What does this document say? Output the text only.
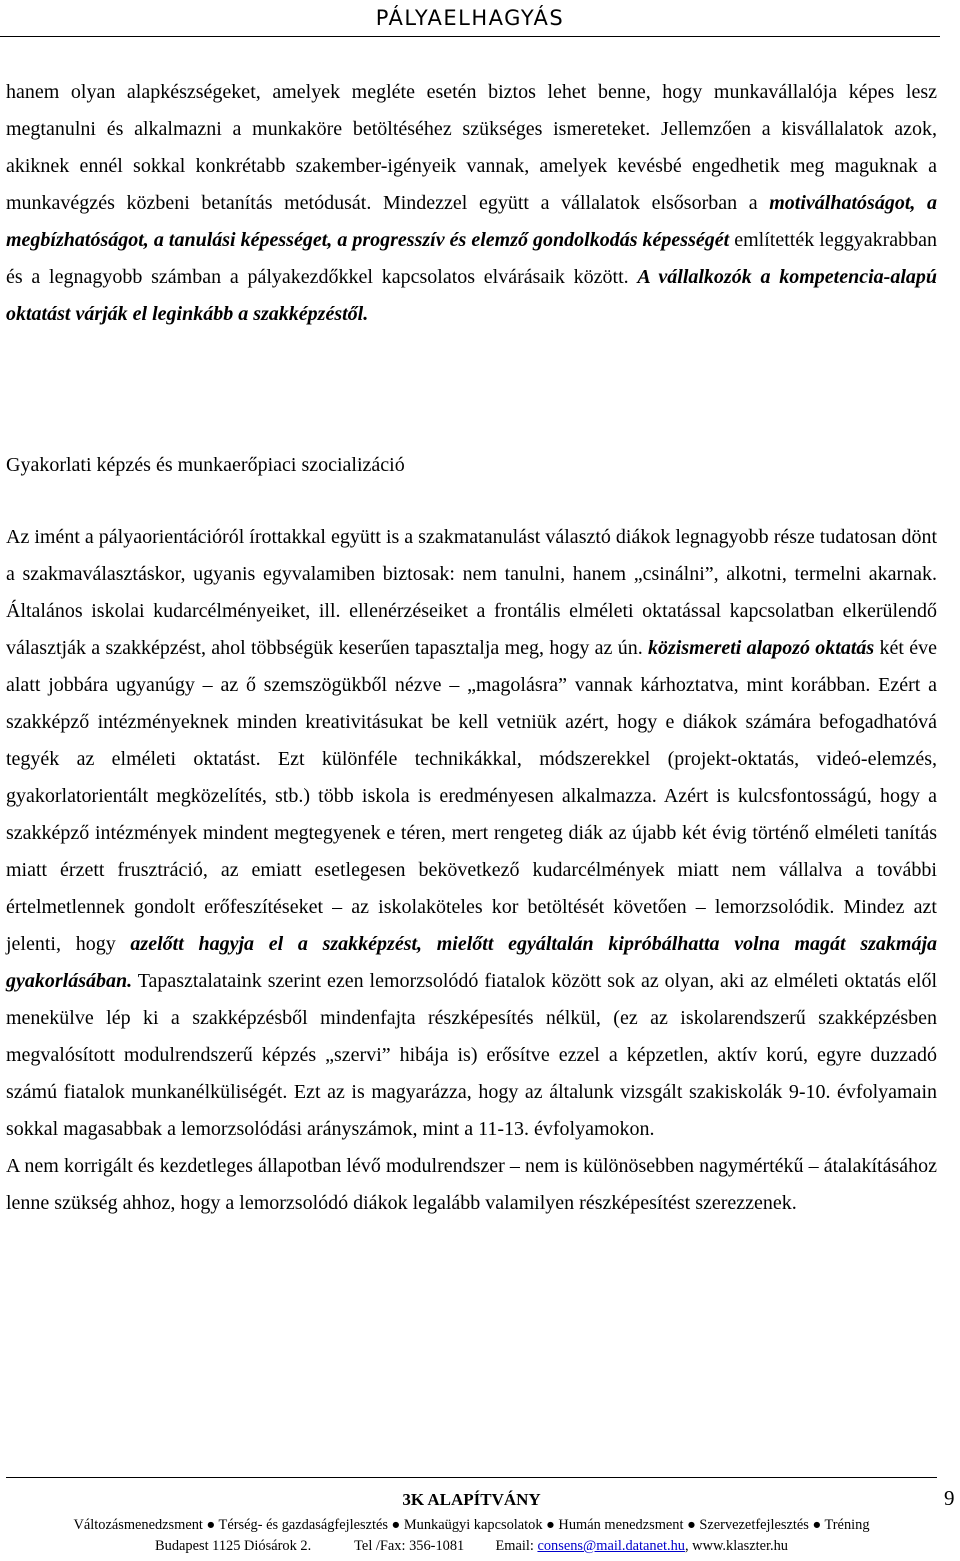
PÁLYAELHAGYÁS

hanem olyan alapkészségeket, amelyek megléte esetén biztos lehet benne, hogy munkavállalója képes lesz megtanulni és alkalmazni a munkaköre betöltéséhez szükséges ismereteket. Jellemzően a kisvállalatok azok, akiknek ennél sokkal konkrétabb szakember-igényeik vannak, amelyek kevésbé engedhetik meg maguknak a munkavégzés közbeni betanítás metódusát. Mindezzel együtt a vállalatok elsősorban a motiválhatóságot, a megbízhatóságot, a tanulási képességet, a progresszív és elemző gondolkodás képességét említették leggyakrabban és a legnagyobb számban a pályakezdőkkel kapcsolatos elvárásaik között. A vállalkozók a kompetencia-alapú oktatást várják el leginkább a szakképzéstől.

Gyakorlati képzés és munkaerőpiaci szocializáció

Az imént a pályaorientációról írottakkal együtt is a szakmatanulást választó diákok legnagyobb része tudatosan dönt a szakmaválasztáskor, ugyanis egyvalamiben biztosak: nem tanulni, hanem „csinálni”, alkotni, termelni akarnak. Általános iskolai kudarcélményeiket, ill. ellenérzéseiket a frontális elméleti oktatással kapcsolatban elkerülendő választják a szakképzést, ahol többségük keserűen tapasztalja meg, hogy az ún. közismereti alapozó oktatás két éve alatt jobbára ugyanúgy – az ő szemszögükből nézve – „magolásra” vannak kárhoztatva, mint korábban. Ezért a szakképző intézményeknek minden kreativitásukat be kell vetniük azért, hogy e diákok számára befogadhatóvá tegyék az elméleti oktatást. Ezt különféle technikákkal, módszerekkel (projekt-oktatás, videó-elemzés, gyakorlatorientált megközelítés, stb.) több iskola is eredményesen alkalmazza. Azért is kulcsfontosságú, hogy a szakképző intézmények mindent megtegyenek e téren, mert rengeteg diák az újabb két évig történő elméleti tanítás miatt érzett frusztráció, az emiatt esetlegesen bekövetkező kudarcélmények miatt nem vállalva a további értelmetlennek gondolt erőfeszítéseket – az iskolaköteles kor betöltését követően – lemorzsolódik. Mindez azt jelenti, hogy azelőtt hagyja el a szakképzést, mielőtt egyáltalán kipróbálhatta volna magát szakmája gyakorlásában. Tapasztalataink szerint ezen lemorzsolódó fiatalok között sok az olyan, aki az elméleti oktatás elől menekülve lép ki a szakképzésből mindenfajta részképesítés nélkül, (ez az iskolarendszerű szakképzésben megvalósított modulrendszerű képzés „szervi” hibája is) erősítve ezzel a képzetlen, aktív korú, egyre duzzadó számú fiatalok munkanélküliségét. Ezt az is magyarázza, hogy az általunk vizsgált szakiskolák 9-10. évfolyamain sokkal magasabbak a lemorzsolódási arányszámok, mint a 11-13. évfolyamokon.

A nem korrigált és kezdetleges állapotban lévő modulrendszer – nem is különösebben nagymértékű – átalakításához lenne szükség ahhoz, hogy a lemorzsolódó diákok legalább valamilyen részképesítést szerezzenek.

3K ALAPÍTVÁNY
Változásmenedzsment ● Térség- és gazdaságfejlesztés ● Munkaügyi kapcsolatok ● Humán menedzsment ● Szervezetfejlesztés ● Tréning
Budapest 1125 Diósárok 2.	Tel /Fax: 356-1081 Email: consens@mail.datanet.hu, www.klaszter.hu
9
